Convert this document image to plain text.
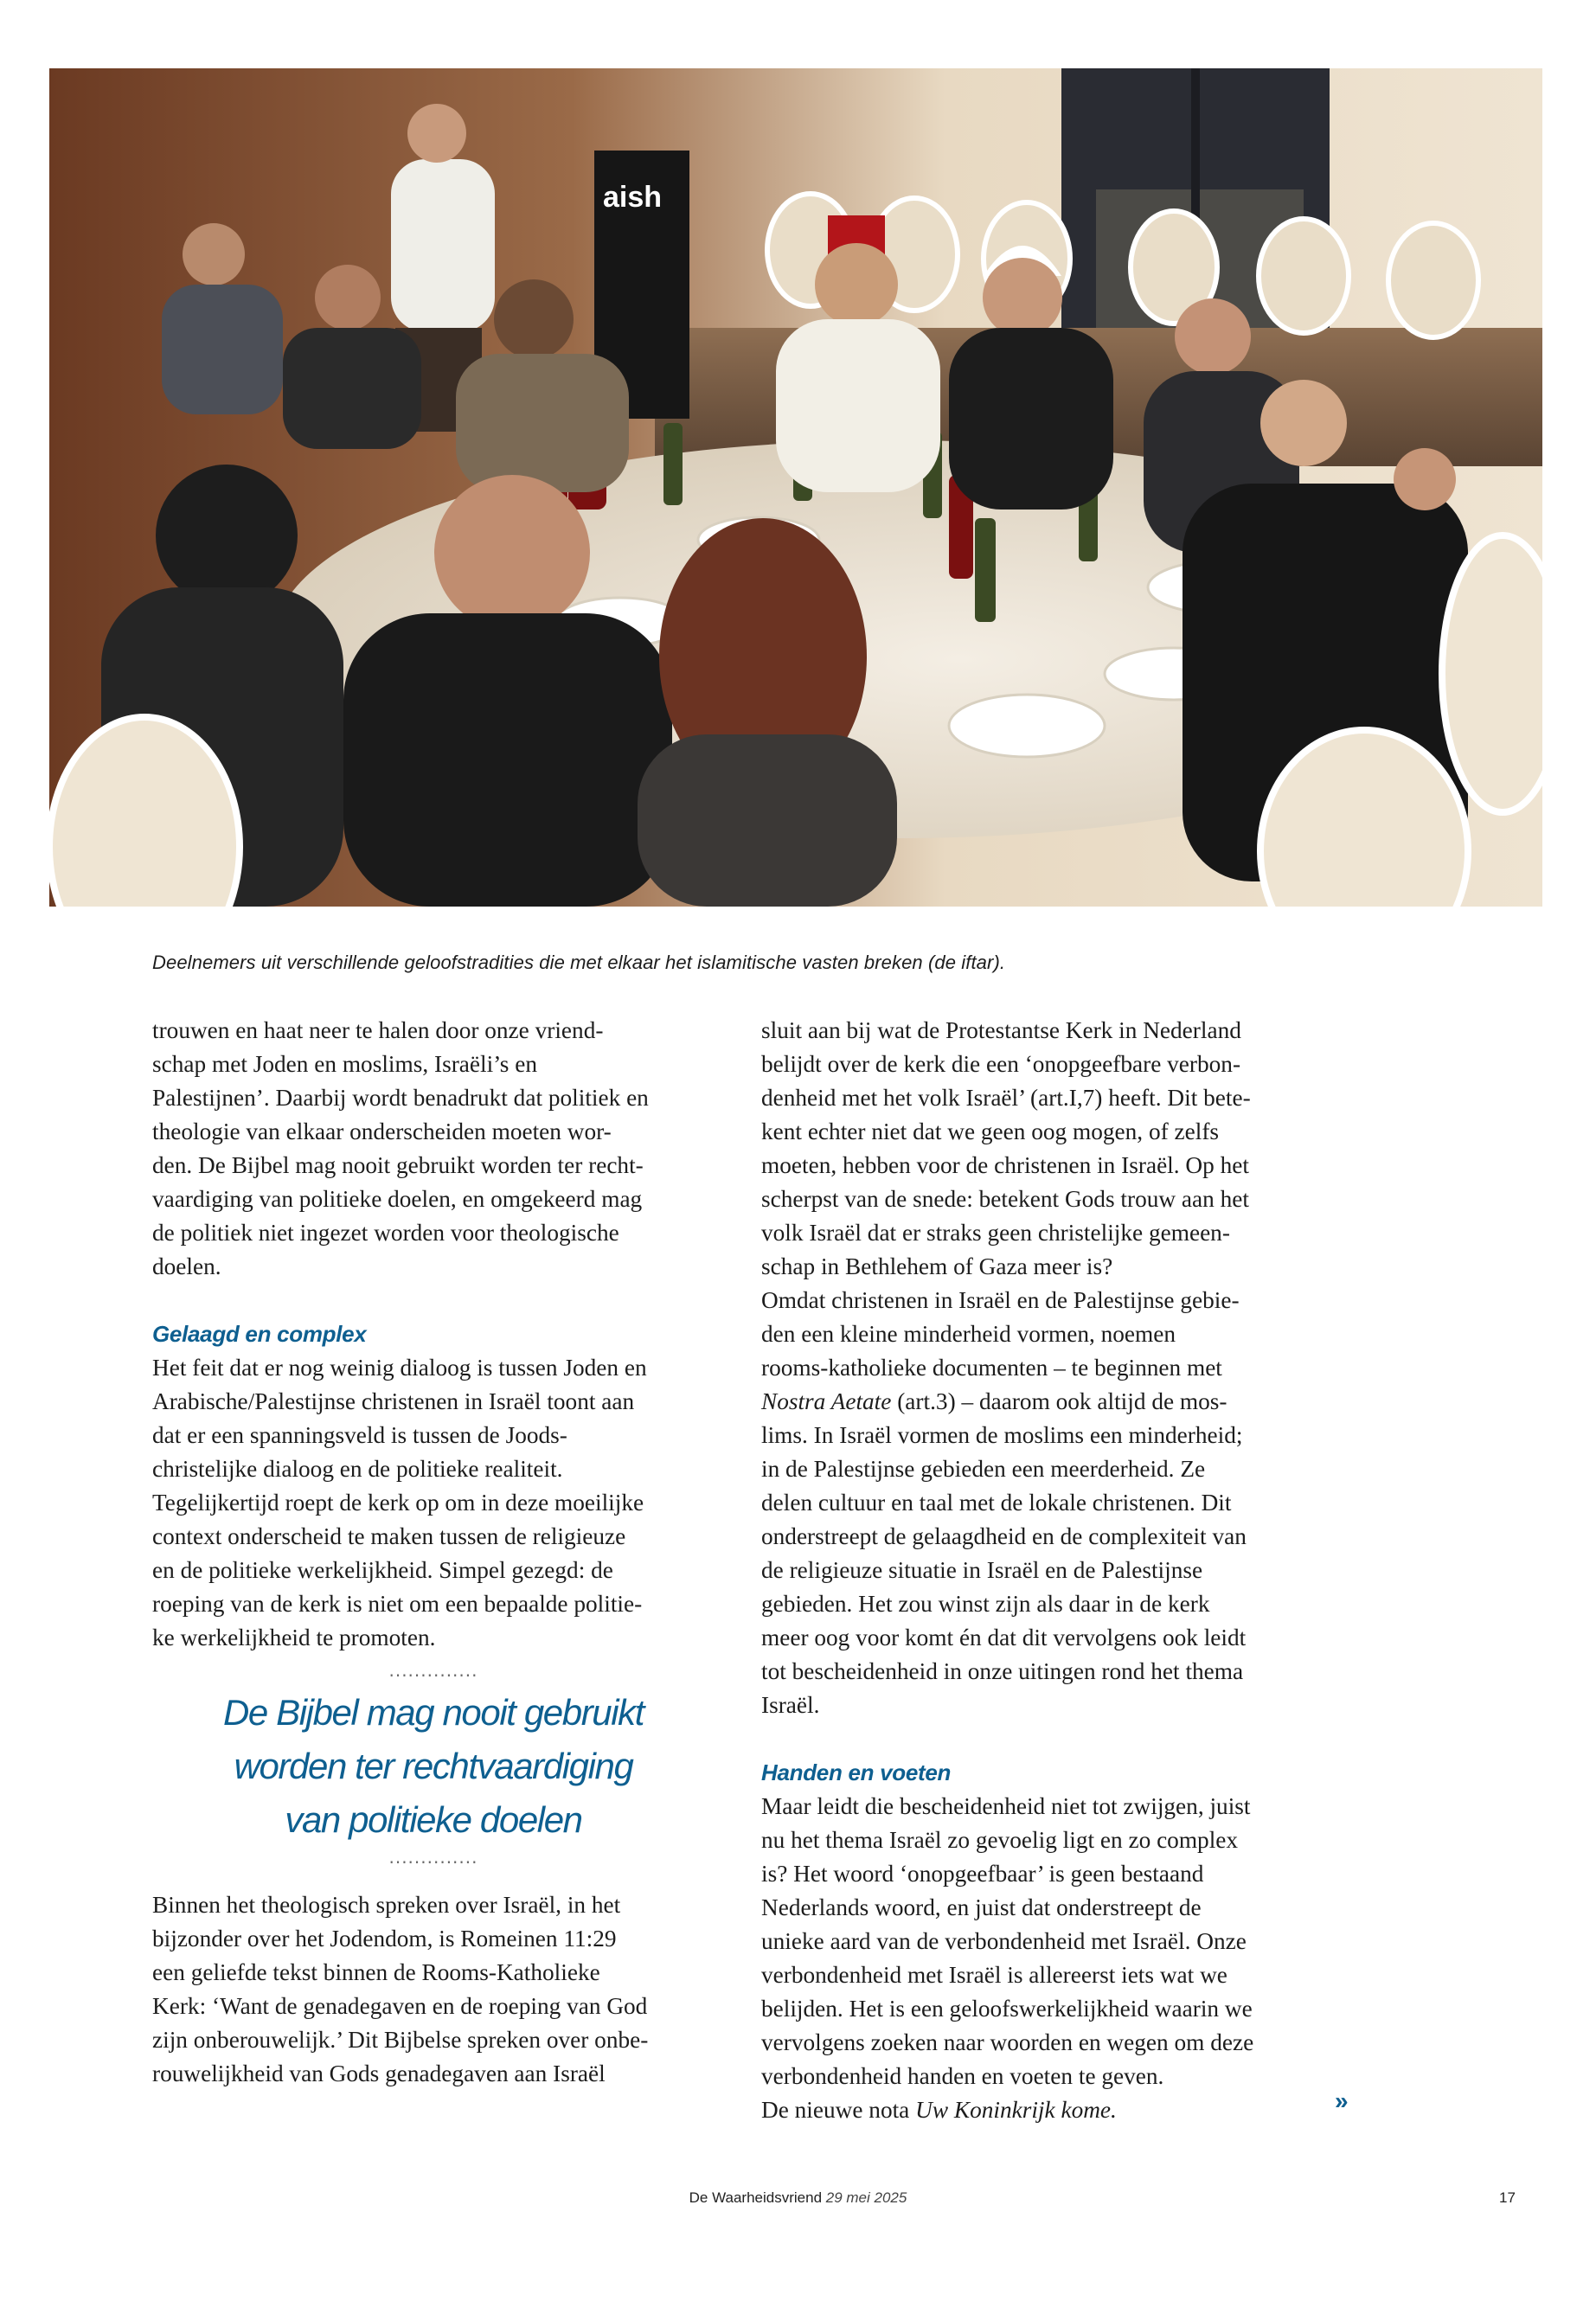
aish
Deelnemers uit verschillende geloofstradities die met elkaar het islamitische vasten breken (de iftar).

trouwen en haat neer te halen door onze vriend-
schap met Joden en moslims, Israëli’s en
Palestijnen’. Daarbij wordt benadrukt dat politiek en
theologie van elkaar onderscheiden moeten wor-
den. De Bijbel mag nooit gebruikt worden ter recht-
vaardiging van politieke doelen, en omgekeerd mag
de politiek niet ingezet worden voor theologische
doelen.

Gelaagd en complex

Het feit dat er nog weinig dialoog is tussen Joden en
Arabische/Palestijnse christenen in Israël toont aan
dat er een spanningsveld is tussen de Joods-
christelijke dialoog en de politieke realiteit.
Tegelijkertijd roept de kerk op om in deze moeilijke
context onderscheid te maken tussen de religieuze
en de politieke werkelijkheid. Simpel gezegd: de
roeping van de kerk is niet om een bepaalde politie-
ke werkelijkheid te promoten.

..............
De Bijbel mag nooit gebruikt
worden ter rechtvaardiging
van politieke doelen
..............

Binnen het theologisch spreken over Israël, in het
bijzonder over het Jodendom, is Romeinen 11:29
een geliefde tekst binnen de Rooms-Katholieke
Kerk: ‘Want de genadegaven en de roeping van God
zijn onberouwelijk.’ Dit Bijbelse spreken over onbe-
rouwelijkheid van Gods genadegaven aan Israël

sluit aan bij wat de Protestantse Kerk in Nederland
belijdt over de kerk die een ‘onopgeefbare verbon-
denheid met het volk Israël’ (art.I,7) heeft. Dit bete-
kent echter niet dat we geen oog mogen, of zelfs
moeten, hebben voor de christenen in Israël. Op het
scherpst van de snede: betekent Gods trouw aan het
volk Israël dat er straks geen christelijke gemeen-
schap in Bethlehem of Gaza meer is?
Omdat christenen in Israël en de Palestijnse gebie-
den een kleine minderheid vormen, noemen
rooms-katholieke documenten – te beginnen met
Nostra Aetate (art.3) – daarom ook altijd de mos-
lims. In Israël vormen de moslims een minderheid;
in de Palestijnse gebieden een meerderheid. Ze
delen cultuur en taal met de lokale christenen. Dit
onderstreept de gelaagdheid en de complexiteit van
de religieuze situatie in Israël en de Palestijnse
gebieden. Het zou winst zijn als daar in de kerk
meer oog voor komt én dat dit vervolgens ook leidt
tot bescheidenheid in onze uitingen rond het thema
Israël.

Handen en voeten

Maar leidt die bescheidenheid niet tot zwijgen, juist
nu het thema Israël zo gevoelig ligt en zo complex
is? Het woord ‘onopgeefbaar’ is geen bestaand
Nederlands woord, en juist dat onderstreept de
unieke aard van de verbondenheid met Israël. Onze
verbondenheid met Israël is allereerst iets wat we
belijden. Het is een geloofswerkelijkheid waarin we
vervolgens zoeken naar woorden en wegen om deze
verbondenheid handen en voeten te geven.
De nieuwe nota Uw Koninkrijk kome.	»
De Waarheidsvriend 29 mei 2025	17
